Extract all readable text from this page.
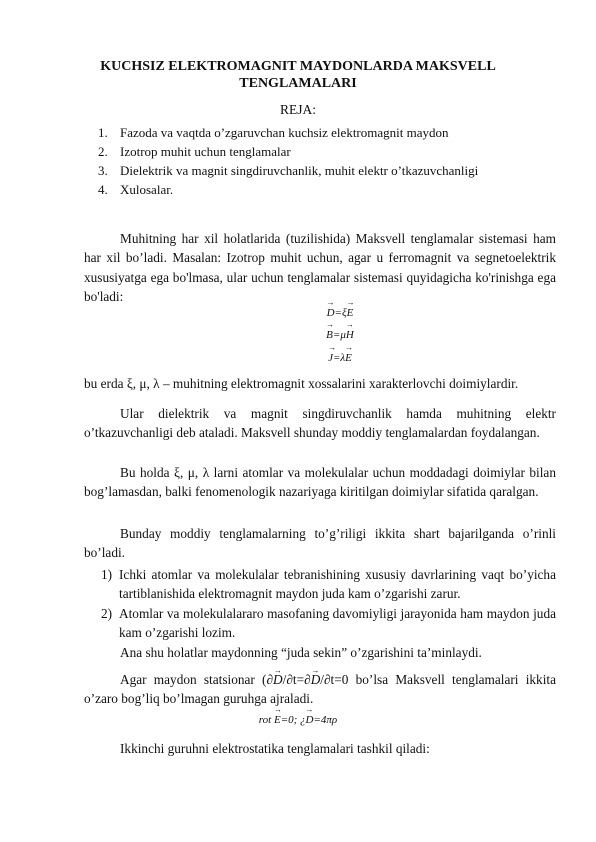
KUCHSIZ ELEKTROMAGNIT MAYDONLARDA MAKSVELL
TENGLAMALARI
REJA:
1. Fazoda va vaqtda o’zgaruvchan kuchsiz elektromagnit maydon
2. Izotrop muhit uchun tenglamalar
3. Dielektrik va magnit singdiruvchanlik, muhit elektr o’tkazuvchanligi
4. Xulosalar.

Muhitning har xil holatlarida (tuzilishida) Maksvell tenglamalar sistemasi ham har xil bo’ladi. Masalan: Izotrop muhit uchun, agar u ferromagnit va segnetoelektrik xususiyatga ega bo'lmasa, ular uchun tenglamalar sistemasi quyidagicha ko'rinishga ega bo'ladi:

→ D=ξ→ E
→ B=μ→ H
→ J=λ→ E

bu erda ξ, μ, λ – muhitning elektromagnit xossalarini xarakterlovchi doimiylardir.

Ular dielektrik va magnit singdiruvchanlik hamda muhitning elektr o’tkazuvchanligi deb ataladi. Maksvell shunday moddiy tenglamalardan foydalangan.

Bu holda ξ, μ, λ larni atomlar va molekulalar uchun moddadagi doimiylar bilan bog’lamasdan, balki fenomenologik nazariyaga kiritilgan doimiylar sifatida qaralgan.

Bunday moddiy tenglamalarning to’g’riligi ikkita shart bajarilganda o’rinli bo’ladi.

1) Ichki atomlar va molekulalar tebranishining xususiy davrlarining vaqt bo’yicha tartiblanishida elektromagnit maydon juda kam o’zgarishi zarur.
2) Atomlar va molekulalararo masofaning davomiyligi jarayonida ham maydon juda kam o’zgarishi lozim.

Ana shu holatlar maydonning “juda sekin” o’zgarishini ta’minlaydi.

Agar maydon statsionar (∂→ D/∂t=∂→ D/∂t=0 bo’lsa Maksvell tenglamalari ikkita o’zaro bog’liq bo’lmagan guruhga ajraladi.

rot → E=0; ¿→ D=4πρ

Ikkinchi guruhni elektrostatika tenglamalari tashkil qiladi:
